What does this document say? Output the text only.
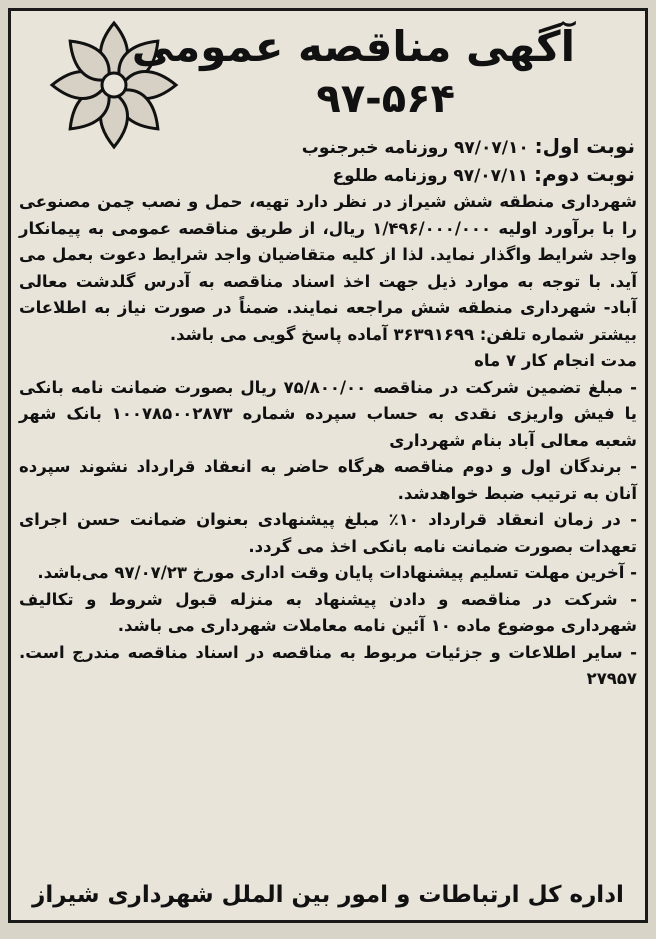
آگهی مناقصه عمومی
۹۷-۵۶۴
نوبت اول: ۹۷/۰۷/۱۰ روزنامه خبرجنوب
نوبت دوم: ۹۷/۰۷/۱۱ روزنامه طلوع

شهرداری منطقه شش شیراز در نظر دارد تهیه، حمل و نصب چمن مصنوعی را با برآورد اولیه ۱/۴۹۶/۰۰۰/۰۰۰ ریال، از طریق مناقصه عمومی به پیمانکار واجد شرایط واگذار نماید. لذا از کلیه متقاضیان واجد شرایط دعوت بعمل می آید. با توجه به موارد ذیل جهت اخذ اسناد مناقصه به آدرس گلدشت معالی آباد- شهرداری منطقه شش مراجعه نمایند. ضمناً در صورت نیاز به اطلاعات بیشتر شماره تلفن: ۳۶۳۹۱۶۹۹ آماده پاسخ گویی می باشد.

مدت انجام کار ۷ ماه

- مبلغ تضمین شرکت در مناقصه ۷۵/۸۰۰/۰۰ ریال بصورت ضمانت نامه بانکی یا فیش واریزی نقدی به حساب سپرده شماره ۱۰۰۷۸۵۰۰۲۸۷۳ بانک شهر شعبه معالی آباد بنام شهرداری

- برندگان اول و دوم مناقصه هرگاه حاضر به انعقاد قرارداد نشوند سپرده آنان به ترتیب ضبط خواهدشد.

- در زمان انعقاد قرارداد ۱۰٪ مبلغ پیشنهادی بعنوان ضمانت حسن اجرای تعهدات بصورت ضمانت نامه بانکی اخذ می گردد.

- آخرین مهلت تسلیم پیشنهادات پایان وقت اداری مورخ ۹۷/۰۷/۲۳ می‌باشد.

- شرکت در مناقصه و دادن پیشنهاد به منزله قبول شروط و تکالیف شهرداری موضوع ماده ۱۰ آئین نامه معاملات شهرداری می باشد.

- سایر اطلاعات و جزئیات مربوط به مناقصه در اسناد مناقصه مندرج است. ۲۷۹۵۷

اداره کل ارتباطات و امور بین الملل شهرداری شیراز
